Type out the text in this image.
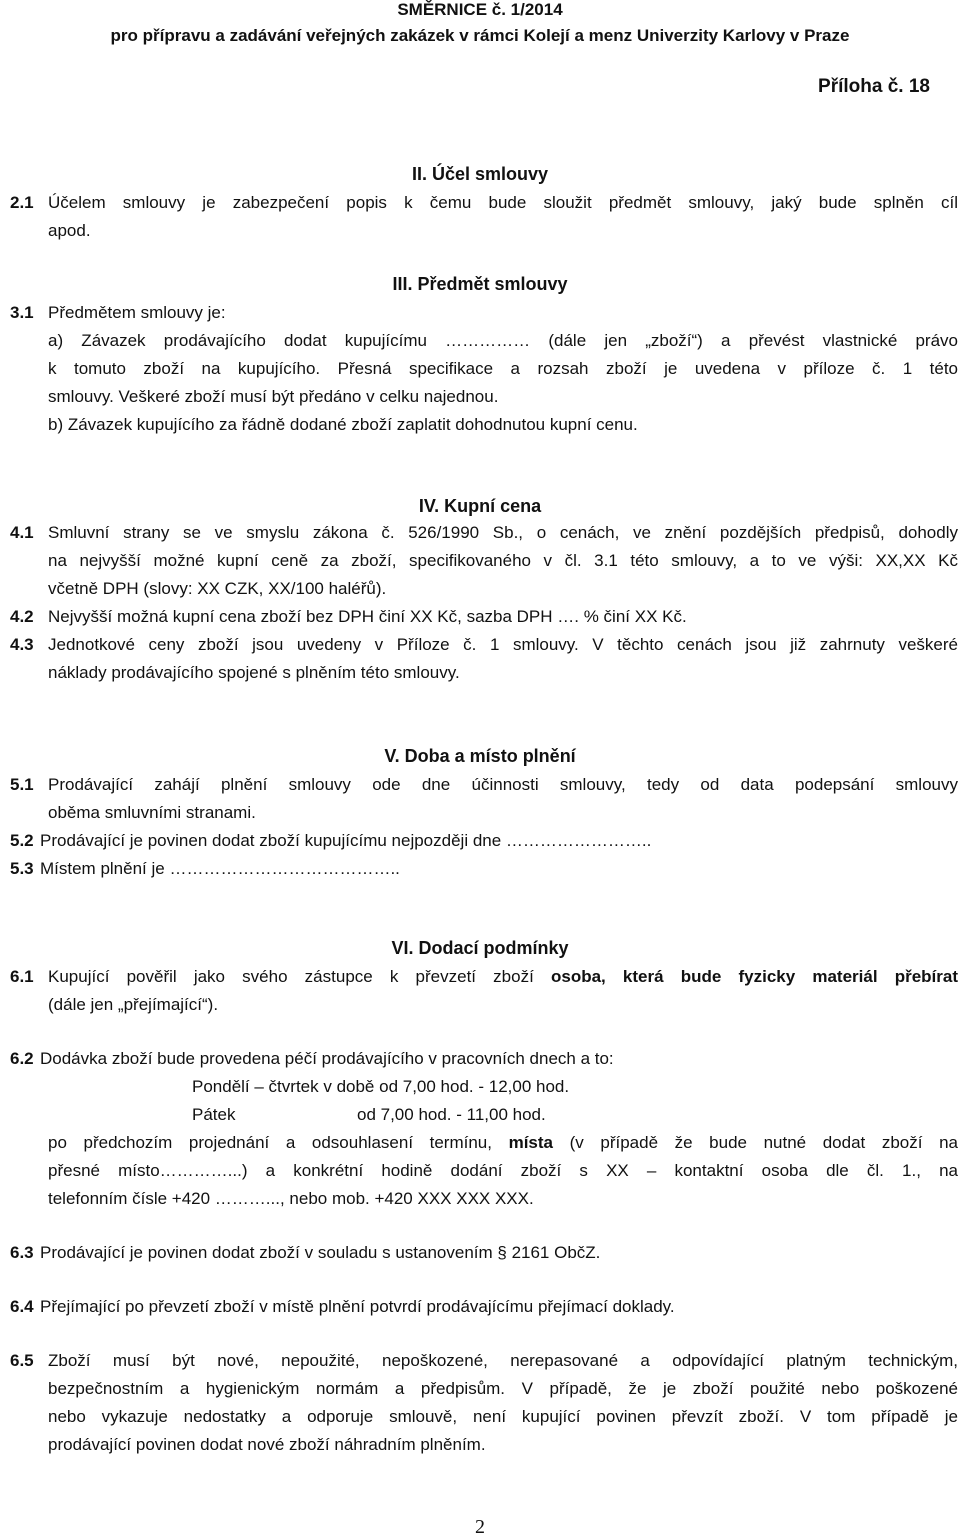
SMĚRNICE č. 1/2014
pro přípravu a zadávání veřejných zakázek v rámci Kolejí a menz Univerzity Karlovy v Praze
Příloha č. 18
II. Účel smlouvy
2.1 Účelem smlouvy je zabezpečení popis k čemu bude sloužit předmět smlouvy, jaký bude splněn cíl
apod.
III. Předmět smlouvy
3.1 Předmětem smlouvy je:
a) Závazek prodávajícího dodat kupujícímu …………… (dále jen „zboží“) a převést vlastnické právo
k tomuto zboží na kupujícího. Přesná specifikace a rozsah zboží je uvedena v příloze č. 1 této
smlouvy. Veškeré zboží musí být předáno v celku najednou.
b) Závazek kupujícího za řádně dodané zboží zaplatit dohodnutou kupní cenu.
IV. Kupní cena
4.1 Smluvní strany se ve smyslu zákona č. 526/1990 Sb., o cenách, ve znění pozdějších předpisů, dohodly
na nejvyšší možné kupní ceně za zboží, specifikovaného v čl. 3.1 této smlouvy, a to ve výši: XX,XX Kč
včetně DPH (slovy: XX CZK, XX/100 haléřů).
4.2 Nejvyšší možná kupní cena zboží bez DPH činí XX Kč, sazba DPH …. % činí XX Kč.
4.3 Jednotkové ceny zboží jsou uvedeny v Příloze č. 1 smlouvy. V těchto cenách jsou již zahrnuty veškeré
náklady prodávajícího spojené s plněním této smlouvy.
V. Doba a místo plnění
5.1 Prodávající zahájí plnění smlouvy ode dne účinnosti smlouvy, tedy od data podepsání smlouvy
oběma smluvními stranami.
5.2 Prodávající je povinen dodat zboží kupujícímu nejpozději dne ……………………..
5.3 Místem plnění je …………………………………..
VI. Dodací podmínky
6.1 Kupující pověřil jako svého zástupce k převzetí zboží osoba, která bude fyzicky materiál přebírat
(dále jen „přejímající“).
6.2 Dodávka zboží bude provedena péčí prodávajícího v pracovních dnech a to:
Pondělí – čtvrtek v době od 7,00 hod. - 12,00 hod.
Pátek	od 7,00 hod. - 11,00 hod.
po předchozím projednání a odsouhlasení termínu, místa (v případě že bude nutné dodat zboží na
přesné místo…………...) a konkrétní hodině dodání zboží s XX – kontaktní osoba dle čl. 1., na
telefonním čísle +420 ………..., nebo mob. +420 XXX XXX XXX.
6.3 Prodávající je povinen dodat zboží v souladu s ustanovením § 2161 ObčZ.
6.4 Přejímající po převzetí zboží v místě plnění potvrdí prodávajícímu přejímací doklady.
6.5 Zboží musí být nové, nepoužité, nepoškozené, nerepasované a odpovídající platným technickým,
bezpečnostním a hygienickým normám a předpisům. V případě, že je zboží použité nebo poškozené
nebo vykazuje nedostatky a odporuje smlouvě, není kupující povinen převzít zboží. V tom případě je
prodávající povinen dodat nové zboží náhradním plněním.
2
